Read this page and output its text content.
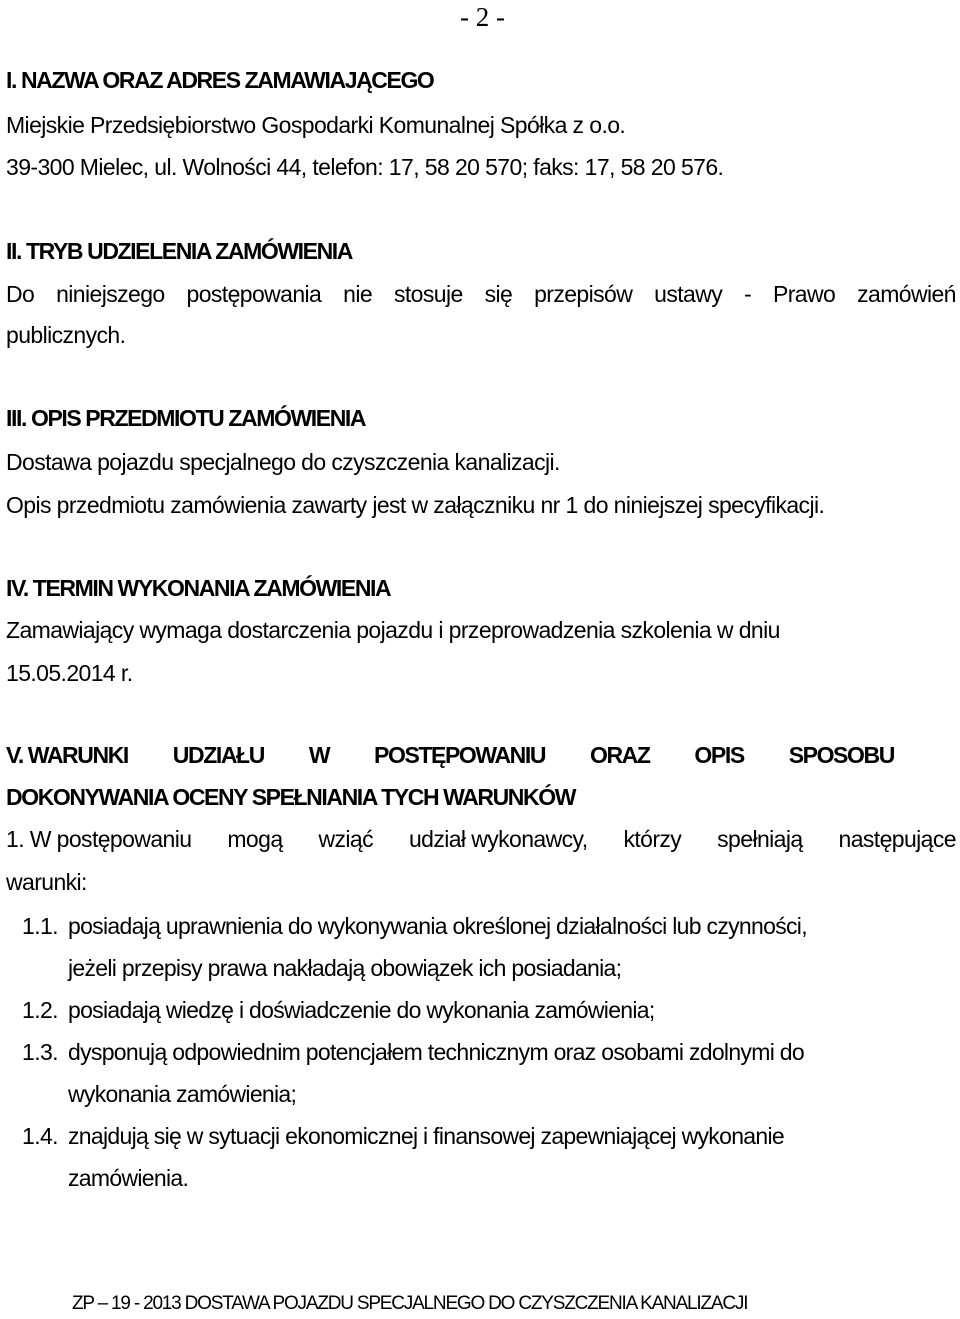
- 2 -
I. NAZWA ORAZ ADRES ZAMAWIAJĄCEGO
Miejskie Przedsiębiorstwo Gospodarki Komunalnej Spółka z o.o.
39-300 Mielec, ul. Wolności 44, telefon: 17, 58 20 570; faks: 17, 58 20 576.
II. TRYB UDZIELENIA ZAMÓWIENIA
Do niniejszego postępowania nie stosuje się przepisów ustawy - Prawo zamówień
publicznych.
III. OPIS PRZEDMIOTU ZAMÓWIENIA
Dostawa pojazdu specjalnego do czyszczenia kanalizacji.
Opis przedmiotu zamówienia zawarty jest w załączniku nr 1 do niniejszej specyfikacji.
IV. TERMIN WYKONANIA ZAMÓWIENIA
Zamawiający wymaga dostarczenia pojazdu i przeprowadzenia szkolenia w dniu
15.05.2014 r.
V. WARUNKI UDZIAŁU W POSTĘPOWANIU ORAZ OPIS SPOSOBU
DOKONYWANIA OCENY SPEŁNIANIA TYCH WARUNKÓW
1. W postępowaniu mogą wziąć udział wykonawcy, którzy spełniają następujące
warunki:
1.1. posiadają uprawnienia do wykonywania określonej działalności lub czynności,
jeżeli przepisy prawa nakładają obowiązek ich posiadania;
1.2. posiadają wiedzę i doświadczenie do wykonania zamówienia;
1.3. dysponują odpowiednim potencjałem technicznym oraz osobami zdolnymi do
wykonania zamówienia;
1.4. znajdują się w sytuacji ekonomicznej i finansowej zapewniającej wykonanie
zamówienia.
ZP – 19 - 2013 DOSTAWA POJAZDU SPECJALNEGO DO CZYSZCZENIA KANALIZACJI
